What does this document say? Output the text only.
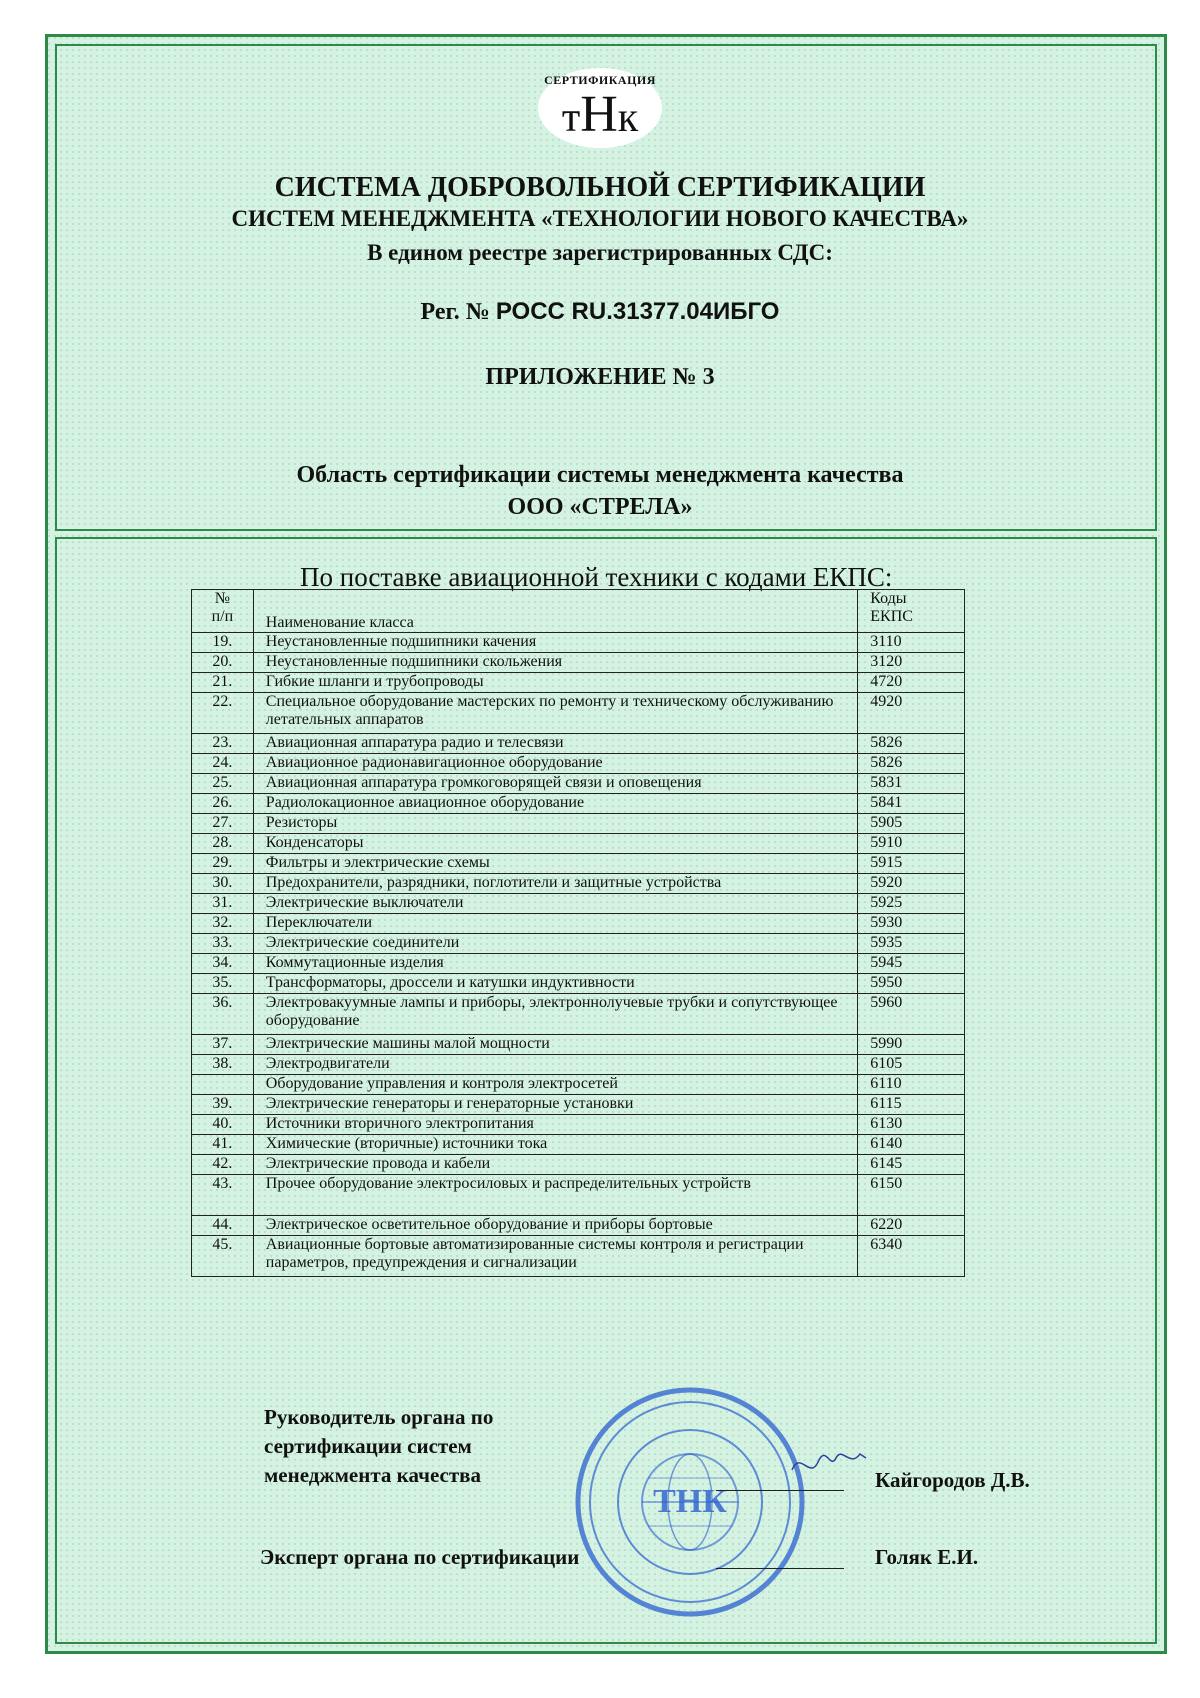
СЕРТИФИКАЦИЯ
тНк
СИСТЕМА ДОБРОВОЛЬНОЙ СЕРТИФИКАЦИИ
СИСТЕМ МЕНЕДЖМЕНТА «ТЕХНОЛОГИИ НОВОГО КАЧЕСТВА»
В едином реестре зарегистрированных СДС:
Рег. № РОСС RU.31377.04ИБГО
ПРИЛОЖЕНИЕ № 3
Область сертификации системы менеджмента качества
ООО «СТРЕЛА»
По поставке авиационной техники с кодами ЕКПС:
№
п/п	Наименование класса	Коды
ЕКПС

19.	Неустановленные подшипники качения	3110
20.	Неустановленные подшипники скольжения	3120
21.	Гибкие шланги и трубопроводы	4720
22.	Специальное оборудование мастерских по ремонту и техническому обслуживанию летательных аппаратов	4920
23.	Авиационная аппаратура радио и телесвязи	5826
24.	Авиационное радионавигационное оборудование	5826
25.	Авиационная аппаратура громкоговорящей связи и оповещения	5831
26.	Радиолокационное авиационное оборудование	5841
27.	Резисторы	5905
28.	Конденсаторы	5910
29.	Фильтры и электрические схемы	5915
30.	Предохранители, разрядники, поглотители и защитные устройства	5920
31.	Электрические выключатели	5925
32.	Переключатели	5930
33.	Электрические соединители	5935
34.	Коммутационные изделия	5945
35.	Трансформаторы, дроссели и катушки индуктивности	5950
36.	Электровакуумные лампы и приборы, электроннолучевые трубки и сопутствующее оборудование	5960
37.	Электрические машины малой мощности	5990
38.	Электродвигатели	6105
	Оборудование управления и контроля электросетей	6110
39.	Электрические генераторы и генераторные установки	6115
40.	Источники вторичного электропитания	6130
41.	Химические (вторичные) источники тока	6140
42.	Электрические провода и кабели	6145
43.	Прочее оборудование электросиловых и распределительных устройств	6150
44.	Электрическое осветительное оборудование и приборы бортовые	6220
45.	Авиационные бортовые автоматизированные системы контроля и регистрации параметров, предупреждения и сигнализации	6340
Руководитель органа по
сертификации систем
менеджмента качества
ТНК
Кайгородов Д.В.
Эксперт органа по сертификации	Голяк Е.И.
